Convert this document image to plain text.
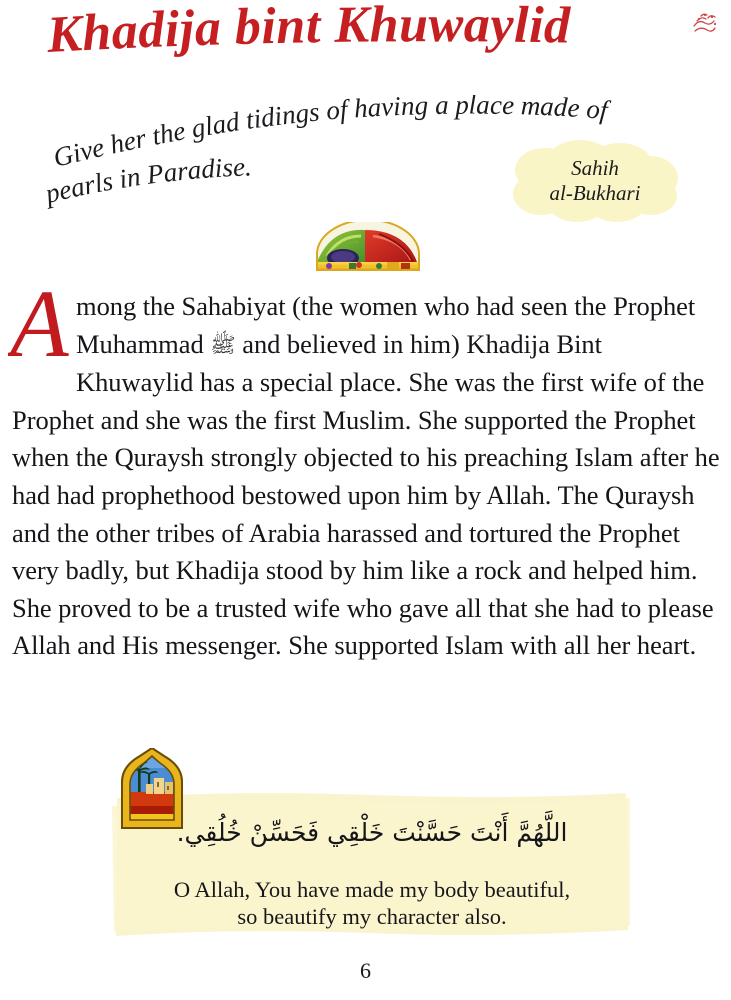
Khadija bint Khuwaylid
Give her the glad tidings of having a place made of
pearls in Paradise.	Sahih
al-Bukhari
A mong the Sahabiyat (the women who had seen the Prophet Muhammad ﷺ and believed in him) Khadija Bint Khuwaylid has a special place. She was the first wife of the Prophet and she was the first Muslim. She supported the Prophet when the Quraysh strongly objected to his preaching Islam after he had had prophethood bestowed upon him by Allah. The Quraysh and the other tribes of Arabia harassed and tortured the Prophet very badly, but Khadija stood by him like a rock and helped him. She proved to be a trusted wife who gave all that she had to please Allah and His messenger. She supported Islam with all her heart.

اللَّهُمَّ أَنْتَ حَسَّنْتَ خَلْقِي فَحَسِّنْ خُلُقِي.
O Allah, You have made my body beautiful,
so beautify my character also.
6
